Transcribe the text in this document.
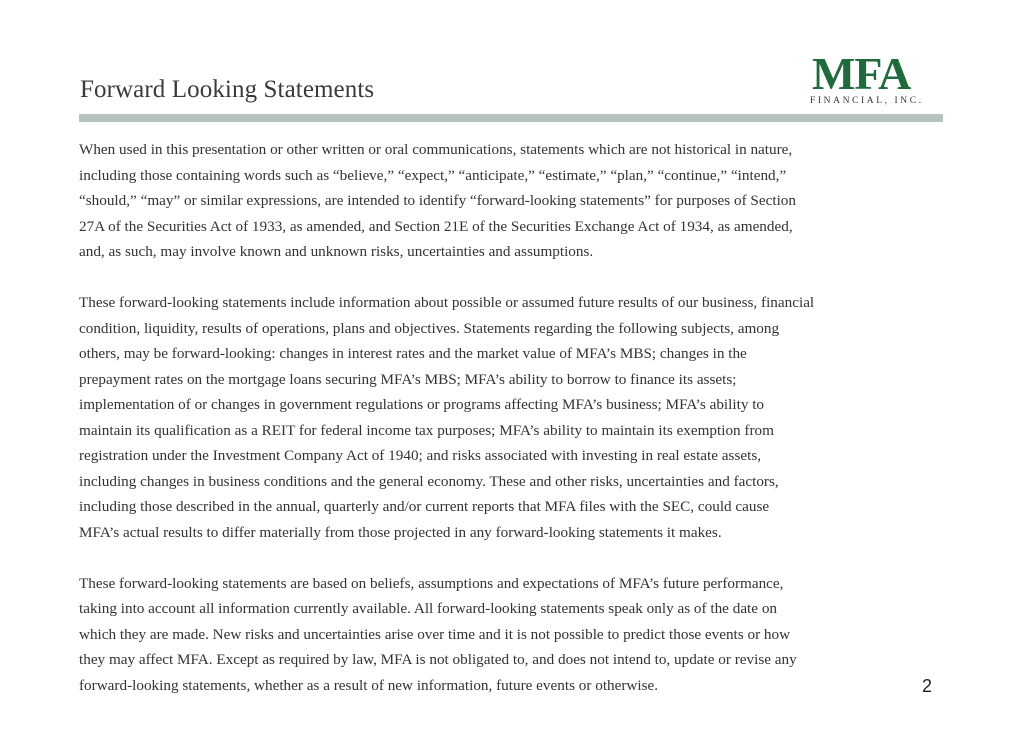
Forward Looking Statements	MFA
FINANCIAL, INC.
When used in this presentation or other written or oral communications, statements which are not historical in nature,
including those containing words such as “believe,” “expect,” “anticipate,” “estimate,” “plan,” “continue,” “intend,”
“should,” “may” or similar expressions, are intended to identify “forward-looking statements” for purposes of Section
27A of the Securities Act of 1933, as amended, and Section 21E of the Securities Exchange Act of 1934, as amended,
and, as such, may involve known and unknown risks, uncertainties and assumptions.
These forward-looking statements include information about possible or assumed future results of our business, financial
condition, liquidity, results of operations, plans and objectives. Statements regarding the following subjects, among
others, may be forward-looking: changes in interest rates and the market value of MFA’s MBS; changes in the
prepayment rates on the mortgage loans securing MFA’s MBS; MFA’s ability to borrow to finance its assets;
implementation of or changes in government regulations or programs affecting MFA’s business; MFA’s ability to
maintain its qualification as a REIT for federal income tax purposes; MFA’s ability to maintain its exemption from
registration under the Investment Company Act of 1940; and risks associated with investing in real estate assets,
including changes in business conditions and the general economy. These and other risks, uncertainties and factors,
including those described in the annual, quarterly and/or current reports that MFA files with the SEC, could cause
MFA’s actual results to differ materially from those projected in any forward-looking statements it makes.
These forward-looking statements are based on beliefs, assumptions and expectations of MFA’s future performance,
taking into account all information currently available. All forward-looking statements speak only as of the date on
which they are made. New risks and uncertainties arise over time and it is not possible to predict those events or how
they may affect MFA. Except as required by law, MFA is not obligated to, and does not intend to, update or revise any
forward-looking statements, whether as a result of new information, future events or otherwise.	2
